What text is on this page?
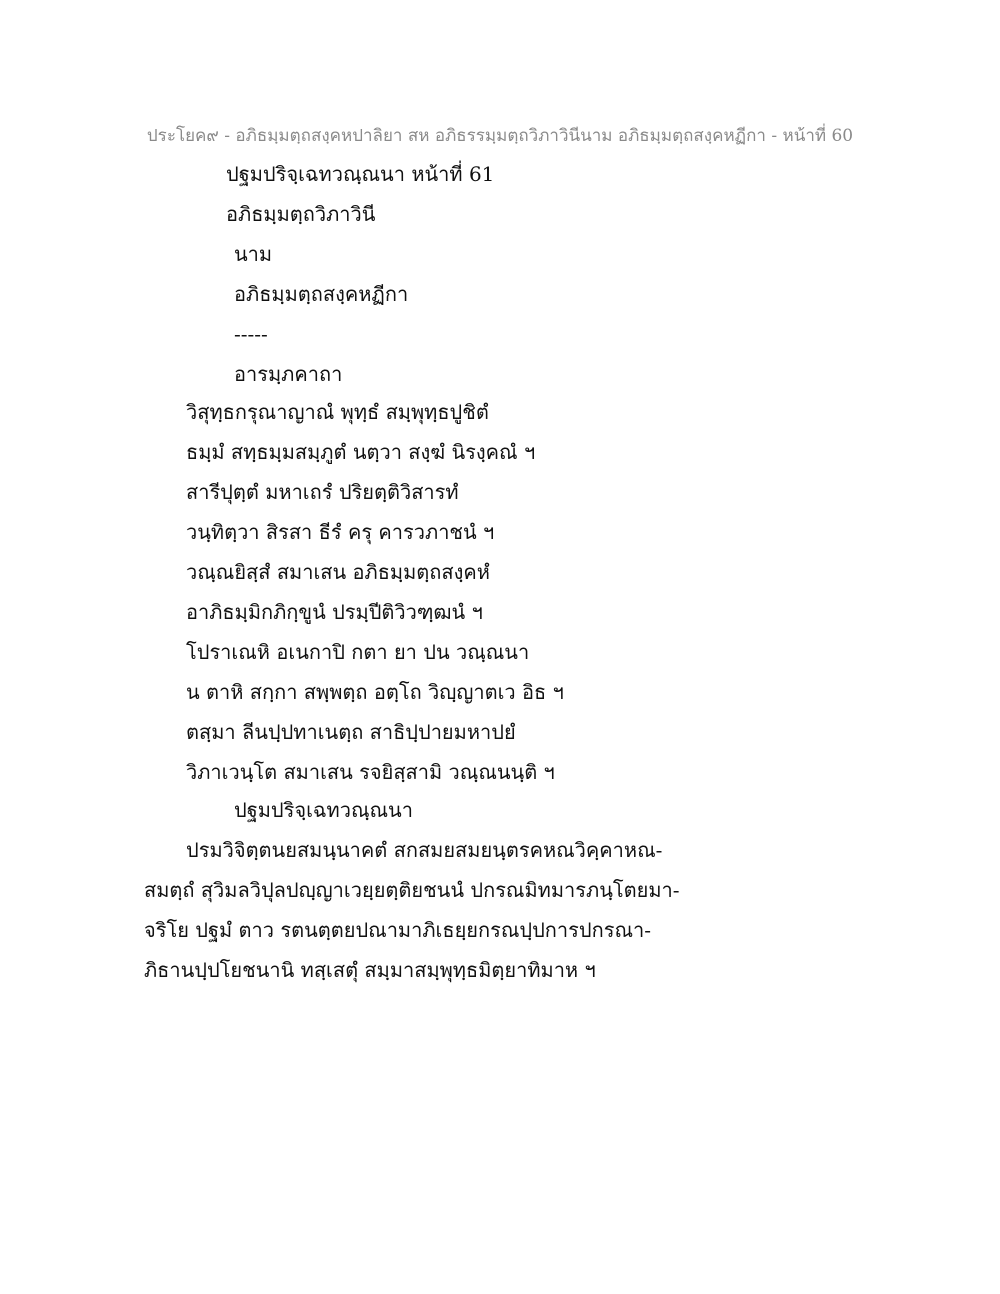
ประโยค๙ - อภิธมฺมตฺถสงฺคหปาลิยา สห อภิธรรมฺมตฺถวิภาวินีนาม อภิธมฺมตฺถสงฺคหฏีกา - หน้าที่ 60
ปฐมปริจฺเฉทวณฺณนา หน้าที่ 61
อภิธมฺมตฺถวิภาวินี
นาม
อภิธมฺมตฺถสงฺคหฏีกา
-----
อารมฺภคาถา
วิสุทฺธกรุณาญาณํ พุทฺธํ สมฺพุทฺธปูชิตํ
ธมฺมํ สทฺธมฺมสมฺภูตํ นตฺวา สงฺฆํ นิรงฺคณํ ฯ
สารีปุตฺตํ มหาเถรํ ปริยตฺติวิสารทํ
วนฺทิตฺวา สิรสา ธีรํ ครุ คารวภาชนํ ฯ
วณฺณยิสฺสํ สมาเสน อภิธมฺมตฺถสงฺคหํ
อาภิธมฺมิกภิกฺขูนํ ปรมฺปีติวิวฑฺฒนํ ฯ
โปราเณหิ อเนกาปิ กตา ยา ปน วณฺณนา
น ตาหิ สกฺกา สพฺพตฺถ อตฺโถ วิญฺญาตเว อิธ ฯ
ตสฺมา ลีนปฺปทาเนตฺถ สาธิปฺปายมหาปยํ
วิภาเวนฺโต สมาเสน รจยิสฺสามิ วณฺณนนฺติ ฯ
ปฐมปริจฺเฉทวณฺณนา
ปรมวิจิตฺตนยสมนฺนาคตํ สกสมยสมยนฺตรคหณวิคฺคาหณ-
สมตฺถํ สุวิมลวิปุลปญฺญาเวยฺยตฺติยชนนํ ปกรณมิทมารภนฺโตยมา-
จริโย ปฐมํ ตาว รตนตฺตยปณามาภิเธยฺยกรณปฺปการปกรณา-
ภิธานปฺปโยชนานิ ทสฺเสตุํ สมฺมาสมฺพุทฺธมิตฺยาทิมาห ฯ
